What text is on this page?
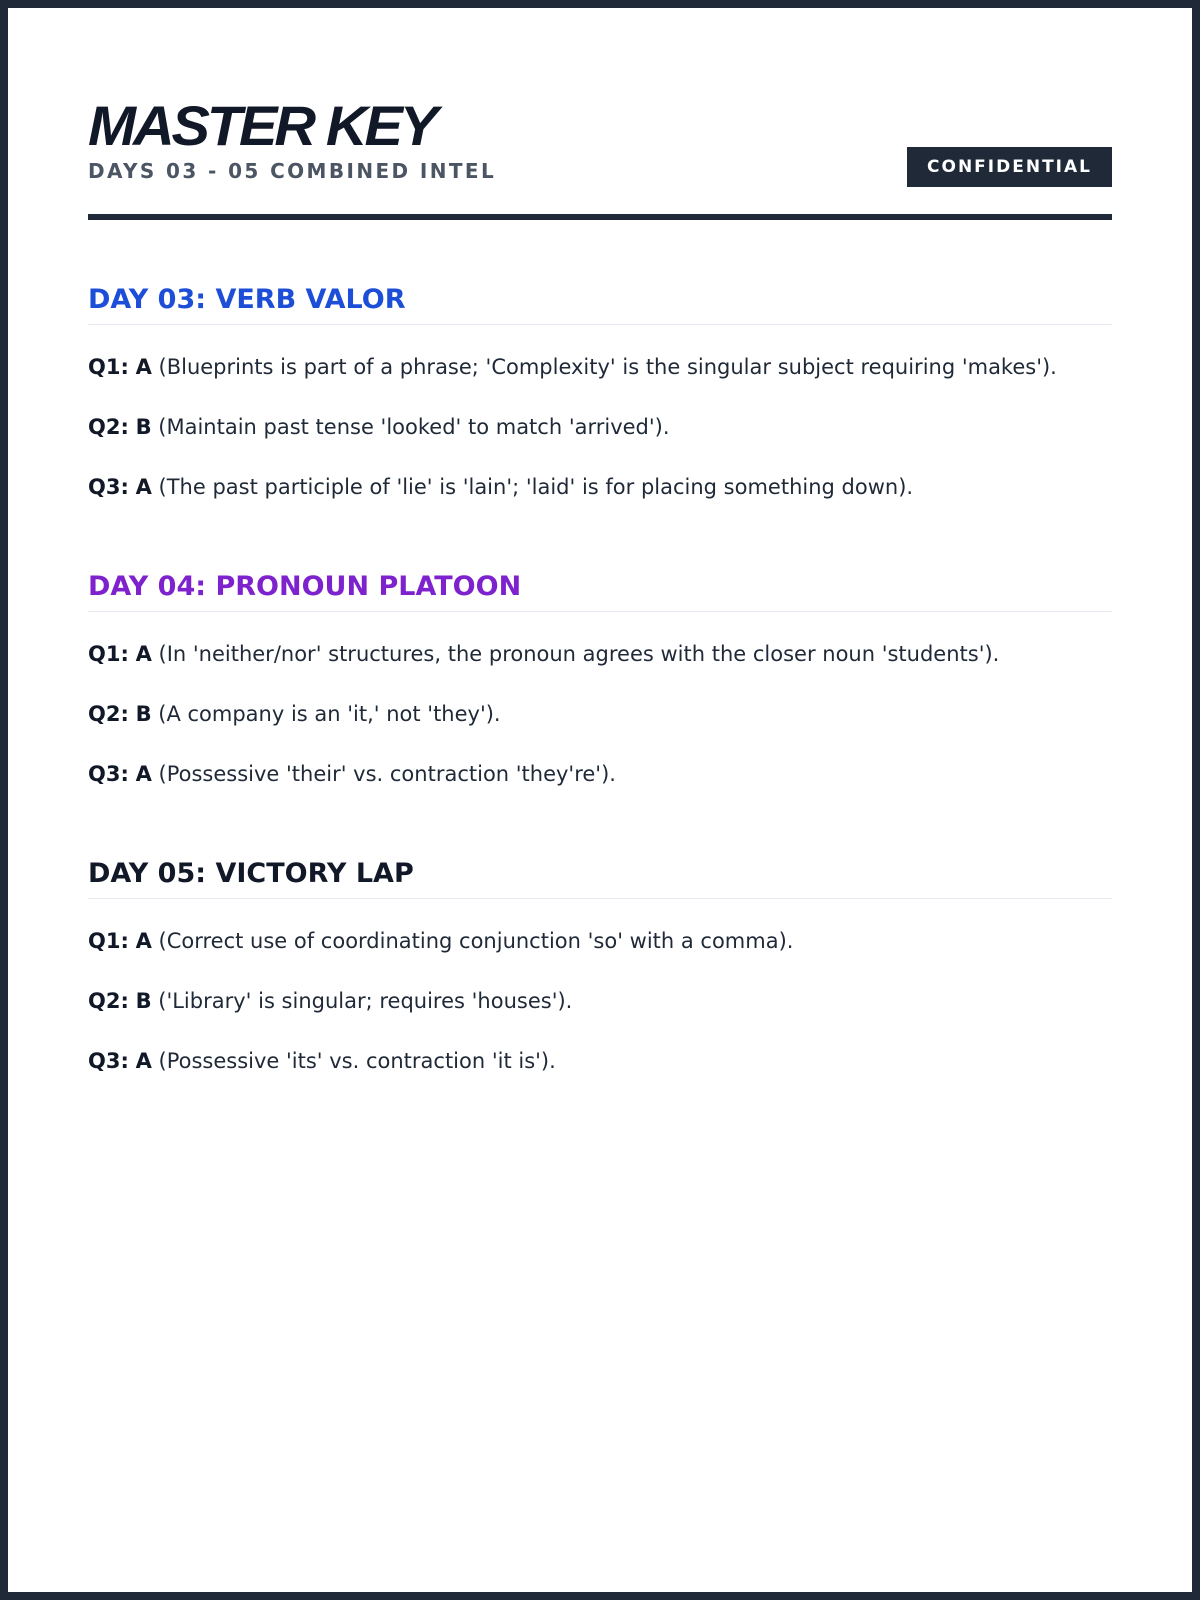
MASTER KEY
DAYS 03 - 05 COMBINED INTEL	CONFIDENTIAL
DAY 03: VERB VALOR
Q1: A (Blueprints is part of a phrase; 'Complexity' is the singular subject requiring 'makes').
Q2: B (Maintain past tense 'looked' to match 'arrived').
Q3: A (The past participle of 'lie' is 'lain'; 'laid' is for placing something down).
DAY 04: PRONOUN PLATOON
Q1: A (In 'neither/nor' structures, the pronoun agrees with the closer noun 'students').
Q2: B (A company is an 'it,' not 'they').
Q3: A (Possessive 'their' vs. contraction 'they're').
DAY 05: VICTORY LAP
Q1: A (Correct use of coordinating conjunction 'so' with a comma).
Q2: B ('Library' is singular; requires 'houses').
Q3: A (Possessive 'its' vs. contraction 'it is').
